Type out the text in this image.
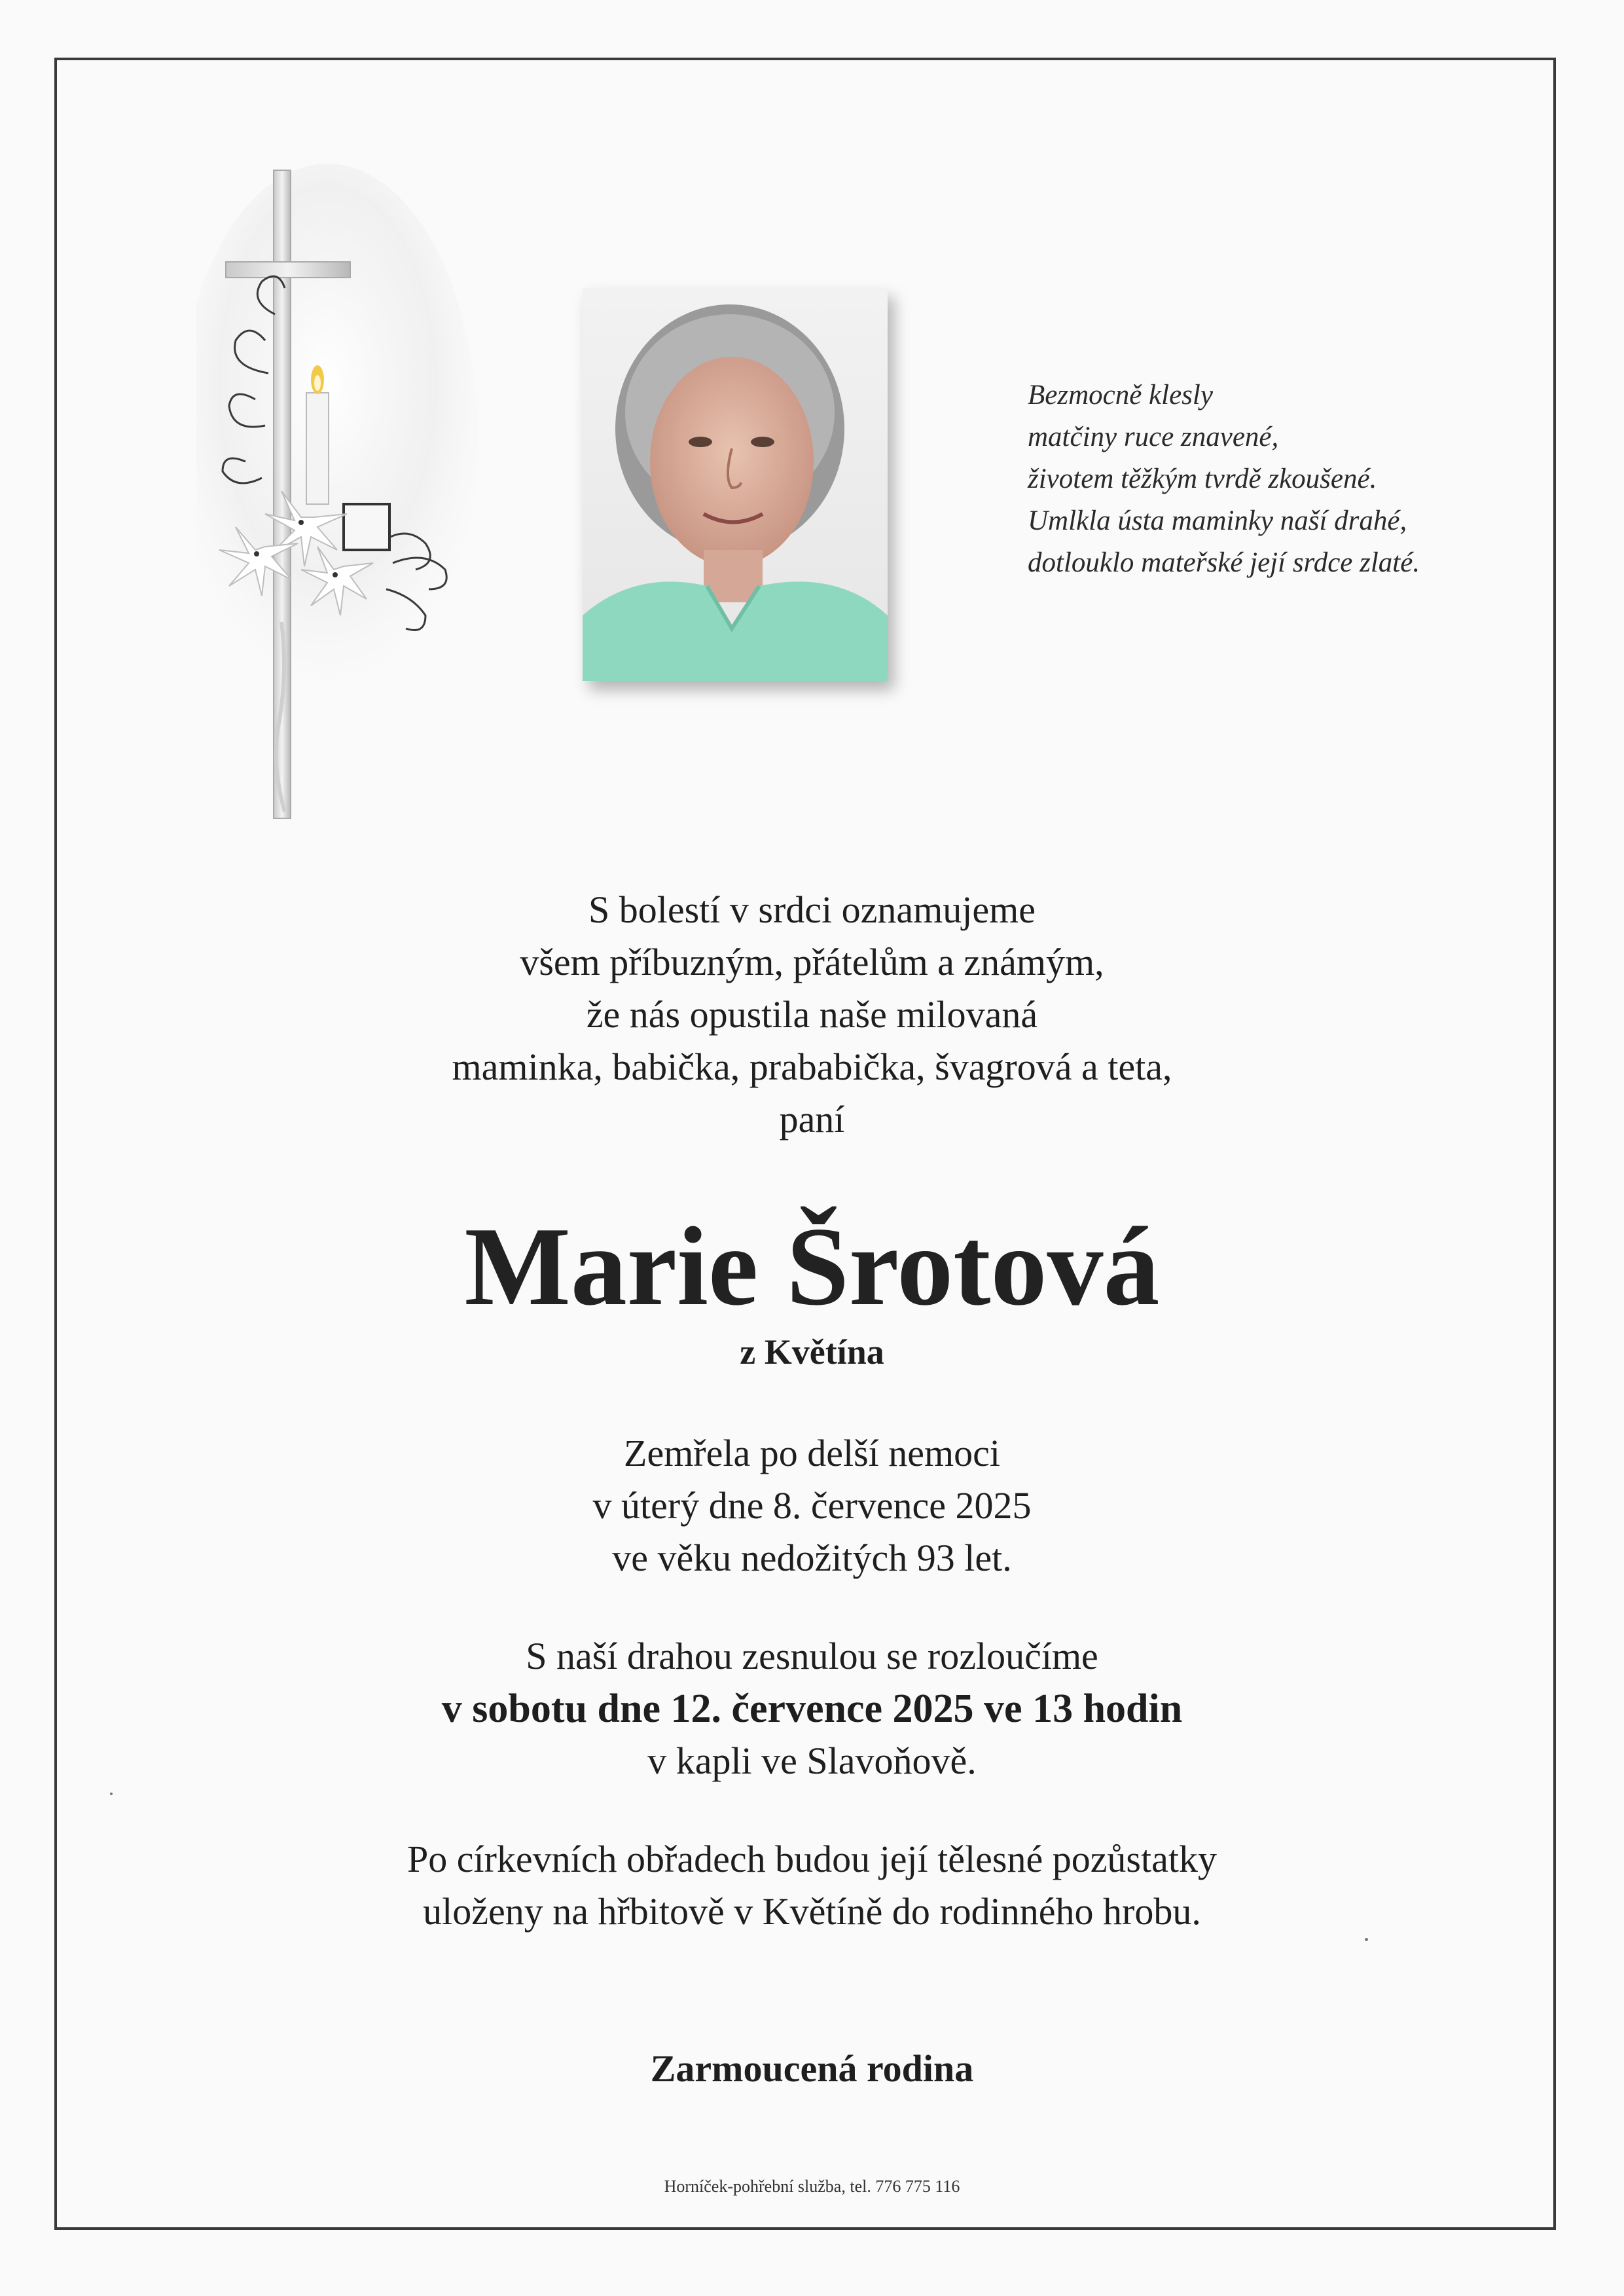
Bezmocně klesly
matčiny ruce znavené,
životem těžkým tvrdě zkoušené.
Umlkla ústa maminky naší drahé,
dotlouklo mateřské její srdce zlaté.
S bolestí v srdci oznamujeme
všem příbuzným, přátelům a známým,
že nás opustila naše milovaná
maminka, babička, prababička, švagrová a teta,
paní
Marie Šrotová
z Květína
Zemřela po delší nemoci
v úterý dne 8. července 2025
ve věku nedožitých 93 let.
S naší drahou zesnulou se rozloučíme
v sobotu dne 12. července 2025 ve 13 hodin
v kapli ve Slavoňově.
Po církevních obřadech budou její tělesné pozůstatky
uloženy na hřbitově v Květíně do rodinného hrobu.
Zarmoucená rodina
Horníček-pohřební služba, tel. 776 775 116
